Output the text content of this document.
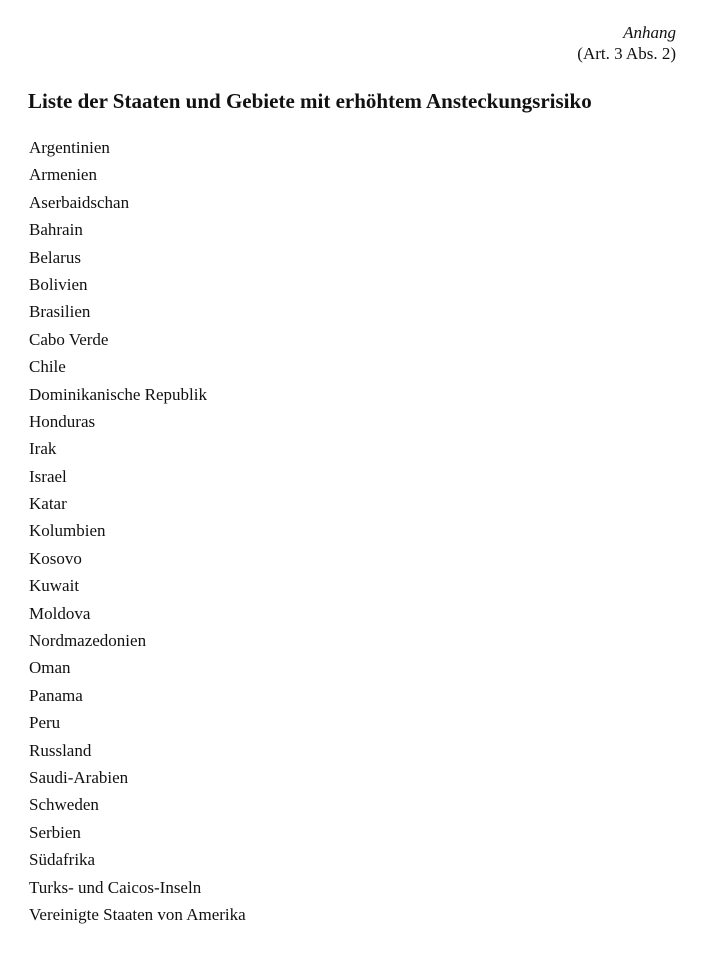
Anhang
(Art. 3 Abs. 2)
Liste der Staaten und Gebiete mit erhöhtem Ansteckungsrisiko
Argentinien
Armenien
Aserbaidschan
Bahrain
Belarus
Bolivien
Brasilien
Cabo Verde
Chile
Dominikanische Republik
Honduras
Irak
Israel
Katar
Kolumbien
Kosovo
Kuwait
Moldova
Nordmazedonien
Oman
Panama
Peru
Russland
Saudi-Arabien
Schweden
Serbien
Südafrika
Turks- und Caicos-Inseln
Vereinigte Staaten von Amerika
